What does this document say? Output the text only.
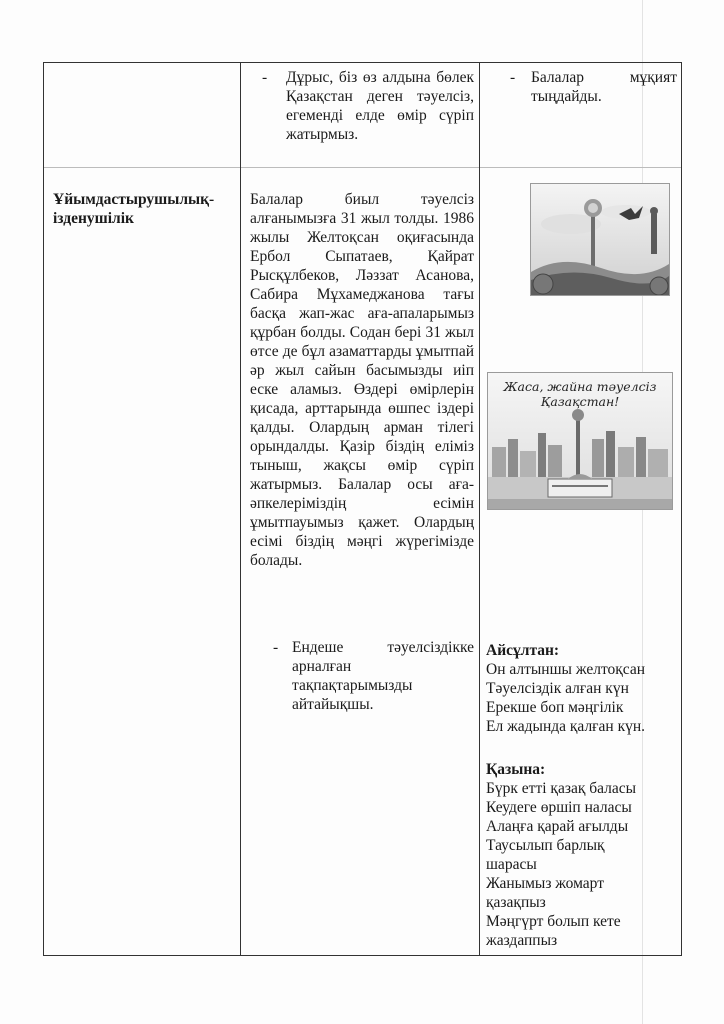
- Дұрыс, біз өз алдына бөлек Қазақстан деген тәуелсіз, егеменді елде өмір сүріп жатырмыз.
- Балалар мұқият тыңдайды.
Ұйымдастырушылық-ізденушілік
Балалар биыл тәуелсіз алғанымызға 31 жыл толды. 1986 жылы Желтоқсан оқиғасында Ербол Сыпатаев, Қайрат Рысқұлбеков, Ләззат Асанова, Сабира Мұхамеджанова тағы басқа жап-жас аға-апаларымыз құрбан болды. Содан бері 31 жыл өтсе де бұл азаматтарды ұмытпай әр жыл сайын басымызды иіп еске аламыз. Өздері өмірлерін қисада, арттарында өшпес іздері қалды. Олардың арман тілегі орындалды. Қазір біздің еліміз тыныш, жақсы өмір сүріп жатырмыз. Балалар осы аға-әпкелеріміздің есімін ұмытпауымыз қажет. Олардың есімі біздің мәңгі жүрегімізде болады.
- Ендеше тәуелсіздікке арналған тақпақтарымызды айтайықшы.
Жаса, жайна тәуелсіз
Қазақстан!
Айсұлтан:
Он алтыншы желтоқсан
Тәуелсіздік алған күн
Ерекше боп мәңгілік
Ел жадында қалған күн.
Қазына:
Бүрк етті қазақ баласы
Кеудеге өршіп наласы
Алаңға қарай ағылды
Таусылып барлық
шарасы
Жанымыз жомарт
қазақпыз
Мәңгүрт болып кете
жаздаппыз
